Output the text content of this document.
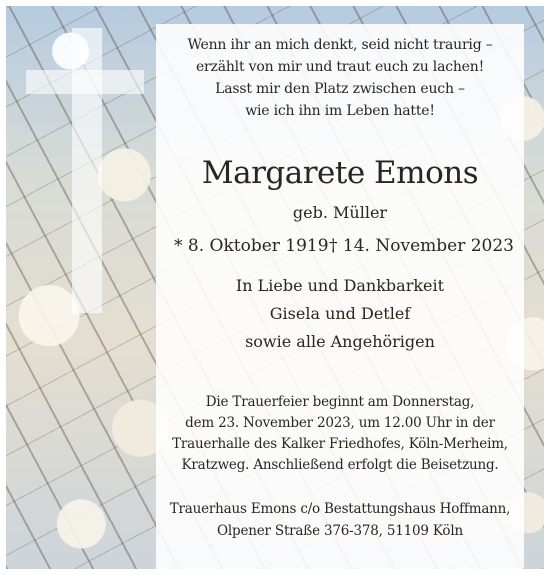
Wenn ihr an mich denkt, seid nicht traurig –
erzählt von mir und traut euch zu lachen!
Lasst mir den Platz zwischen euch –
wie ich ihn im Leben hatte!
Margarete Emons
geb. Müller
* 8. Oktober 1919 † 14. November 2023
In Liebe und Dankbarkeit
Gisela und Detlef
sowie alle Angehörigen
Die Trauerfeier beginnt am Donnerstag,
dem 23. November 2023, um 12.00 Uhr in der
Trauerhalle des Kalker Friedhofes, Köln-Merheim,
Kratzweg. Anschließend erfolgt die Beisetzung.
Trauerhaus Emons c/o Bestattungshaus Hoffmann,
Olpener Straße 376-378, 51109 Köln
